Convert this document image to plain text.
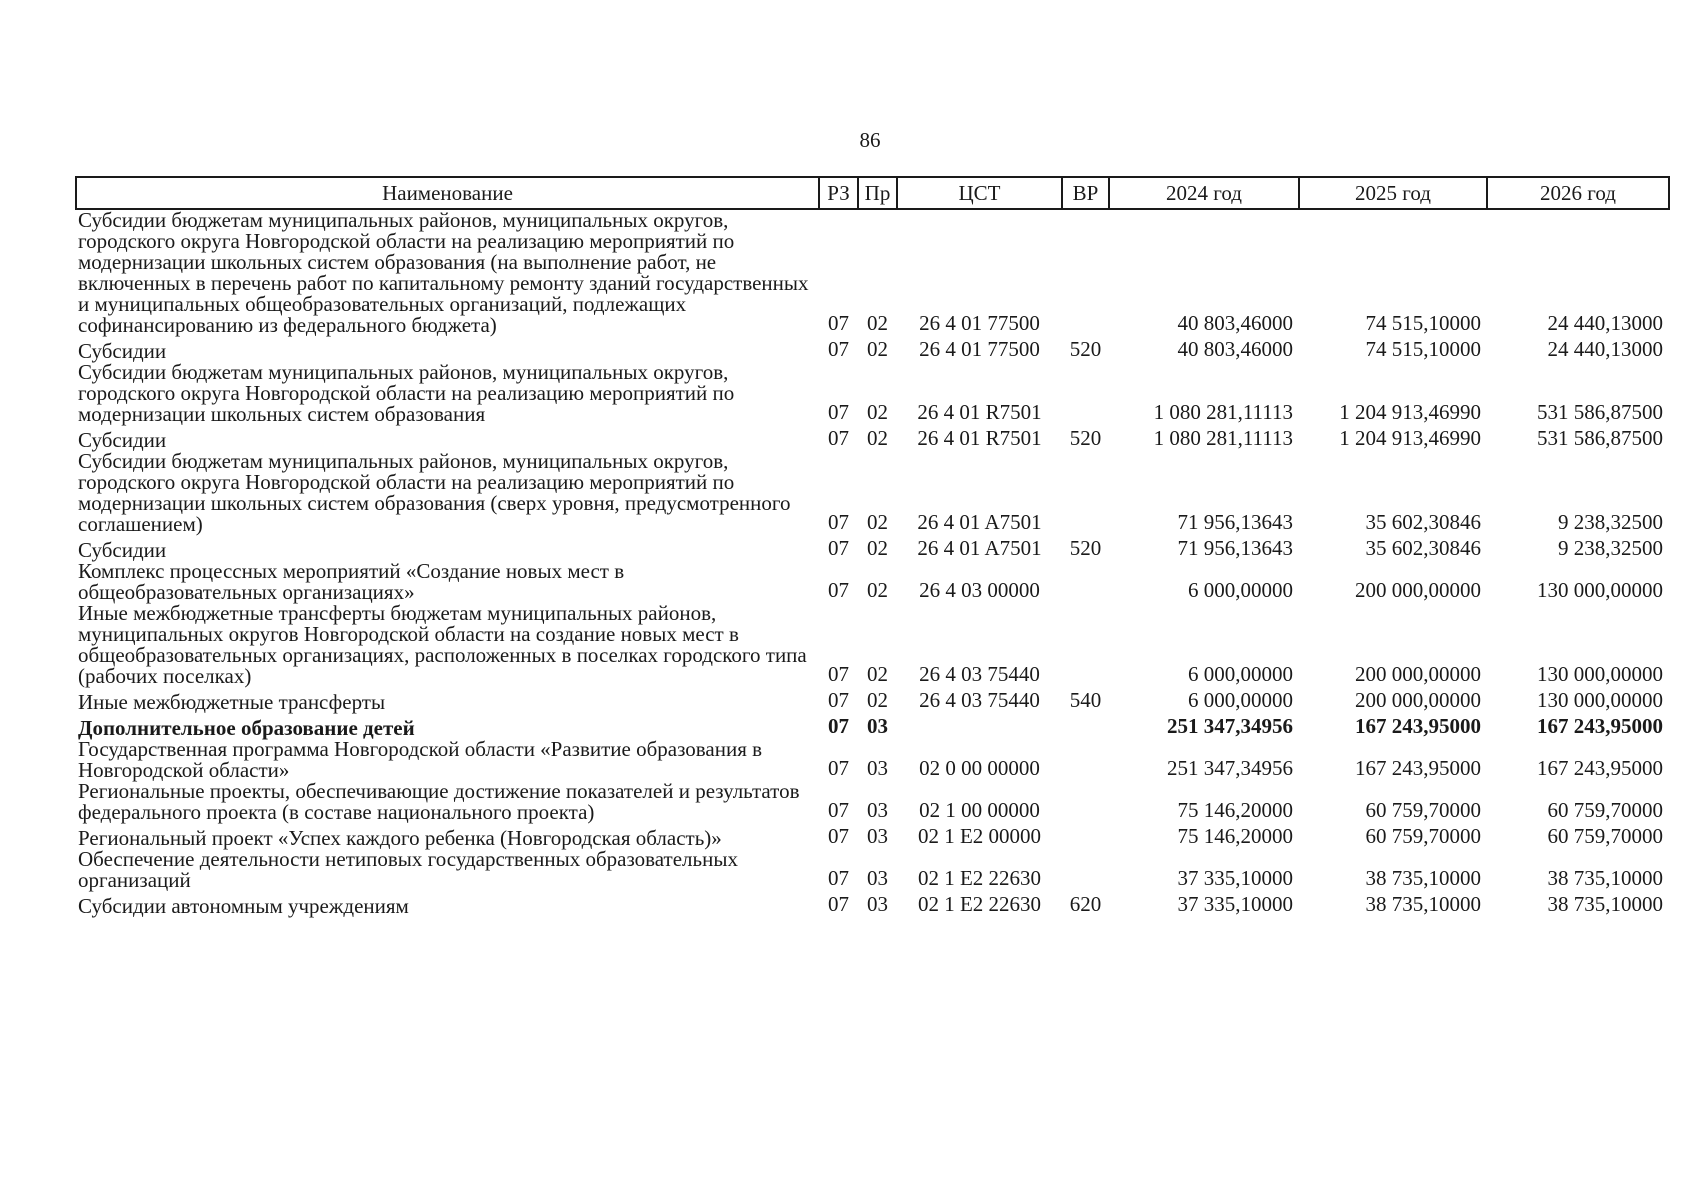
86
Наименование	РЗ	Пр	ЦСТ	ВР	2024 год	2025 год	2026 год
Субсидии бюджетам муниципальных районов, муниципальных округов, городского округа Новгородской области на реализацию мероприятий по модернизации школьных систем образования (на выполнение работ, не включенных в перечень работ по капитальному ремонту зданий государственных и муниципальных общеобразовательных организаций, подлежащих софинансированию из федерального бюджета)	07	02	26 4 01 77500		40 803,46000	74 515,10000	24 440,13000
Субсидии	07	02	26 4 01 77500	520	40 803,46000	74 515,10000	24 440,13000
Субсидии бюджетам муниципальных районов, муниципальных округов, городского округа Новгородской области на реализацию мероприятий по модернизации школьных систем образования	07	02	26 4 01 R7501		1 080 281,11113	1 204 913,46990	531 586,87500
Субсидии	07	02	26 4 01 R7501	520	1 080 281,11113	1 204 913,46990	531 586,87500
Субсидии бюджетам муниципальных районов, муниципальных округов, городского округа Новгородской области на реализацию мероприятий по модернизации школьных систем образования (сверх уровня, предусмотренного соглашением)	07	02	26 4 01 A7501		71 956,13643	35 602,30846	9 238,32500
Субсидии	07	02	26 4 01 A7501	520	71 956,13643	35 602,30846	9 238,32500
Комплекс процессных мероприятий «Создание новых мест в общеобразовательных организациях»	07	02	26 4 03 00000		6 000,00000	200 000,00000	130 000,00000
Иные межбюджетные трансферты бюджетам муниципальных районов, муниципальных округов Новгородской области на создание новых мест в общеобразовательных организациях, расположенных в поселках городского типа (рабочих поселках)	07	02	26 4 03 75440		6 000,00000	200 000,00000	130 000,00000
Иные межбюджетные трансферты	07	02	26 4 03 75440	540	6 000,00000	200 000,00000	130 000,00000
Дополнительное образование детей	07	03			251 347,34956	167 243,95000	167 243,95000
Государственная программа Новгородской области «Развитие образования в Новгородской области»	07	03	02 0 00 00000		251 347,34956	167 243,95000	167 243,95000
Региональные проекты, обеспечивающие достижение показателей и результатов федерального проекта (в составе национального проекта)	07	03	02 1 00 00000		75 146,20000	60 759,70000	60 759,70000
Региональный проект «Успех каждого ребенка (Новгородская область)»	07	03	02 1 Е2 00000		75 146,20000	60 759,70000	60 759,70000
Обеспечение деятельности нетиповых государственных образовательных организаций	07	03	02 1 Е2 22630		37 335,10000	38 735,10000	38 735,10000
Субсидии автономным учреждениям	07	03	02 1 Е2 22630	620	37 335,10000	38 735,10000	38 735,10000
